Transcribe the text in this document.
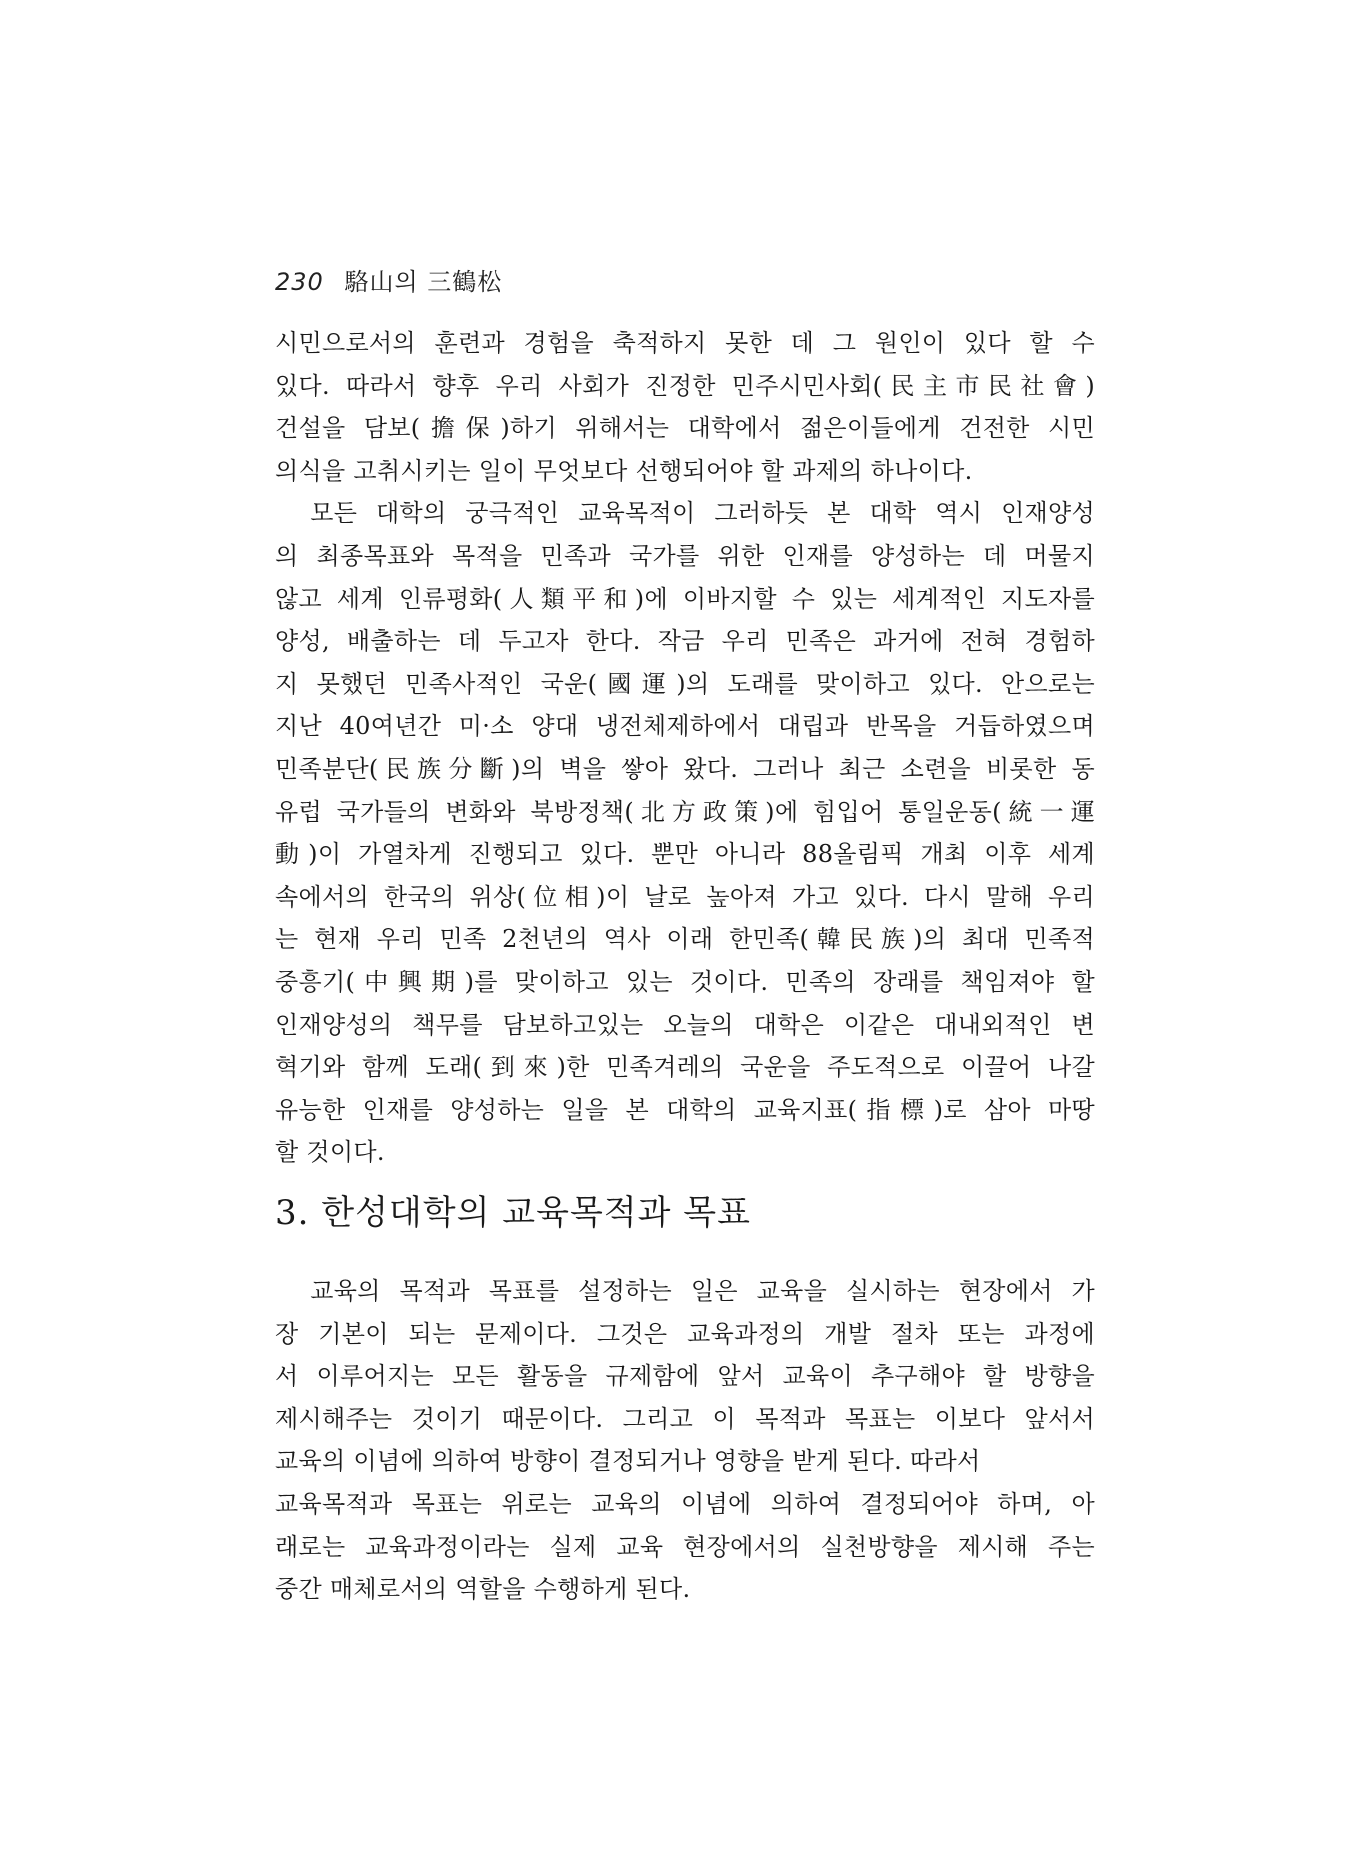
230 駱山의 三鶴松
시민으로서의 훈련과 경험을 축적하지 못한 데 그 원인이 있다 할 수
있다. 따라서 향후 우리 사회가 진정한 민주시민사회(民主市民社會)
건설을 담보(擔保)하기 위해서는 대학에서 젊은이들에게 건전한 시민
의식을 고취시키는 일이 무엇보다 선행되어야 할 과제의 하나이다.
　모든 대학의 궁극적인 교육목적이 그러하듯 본 대학 역시 인재양성
의 최종목표와 목적을 민족과 국가를 위한 인재를 양성하는 데 머물지
않고 세계 인류평화(人類平和)에 이바지할 수 있는 세계적인 지도자를
양성, 배출하는 데 두고자 한다. 작금 우리 민족은 과거에 전혀 경험하
지 못했던 민족사적인 국운(國運)의 도래를 맞이하고 있다. 안으로는
지난 40여년간 미·소 양대 냉전체제하에서 대립과 반목을 거듭하였으며
민족분단(民族分斷)의 벽을 쌓아 왔다. 그러나 최근 소련을 비롯한 동
유럽 국가들의 변화와 북방정책(北方政策)에 힘입어 통일운동(統一運
動)이 가열차게 진행되고 있다. 뿐만 아니라 88올림픽 개최 이후 세계
속에서의 한국의 위상(位相)이 날로 높아져 가고 있다. 다시 말해 우리
는 현재 우리 민족 2천년의 역사 이래 한민족(韓民族)의 최대 민족적
중흥기(中興期)를 맞이하고 있는 것이다. 민족의 장래를 책임져야 할
인재양성의 책무를 담보하고있는 오늘의 대학은 이같은 대내외적인 변
혁기와 함께 도래(到來)한 민족겨레의 국운을 주도적으로 이끌어 나갈
유능한 인재를 양성하는 일을 본 대학의 교육지표(指標)로 삼아 마땅
할 것이다.
3. 한성대학의 교육목적과 목표
　교육의 목적과 목표를 설정하는 일은 교육을 실시하는 현장에서 가
장 기본이 되는 문제이다. 그것은 교육과정의 개발 절차 또는 과정에
서 이루어지는 모든 활동을 규제함에 앞서 교육이 추구해야 할 방향을
제시해주는 것이기 때문이다. 그리고 이 목적과 목표는 이보다 앞서서
교육의 이념에 의하여 방향이 결정되거나 영향을 받게 된다. 따라서
교육목적과 목표는 위로는 교육의 이념에 의하여 결정되어야 하며, 아
래로는 교육과정이라는 실제 교육 현장에서의 실천방향을 제시해 주는
중간 매체로서의 역할을 수행하게 된다.
